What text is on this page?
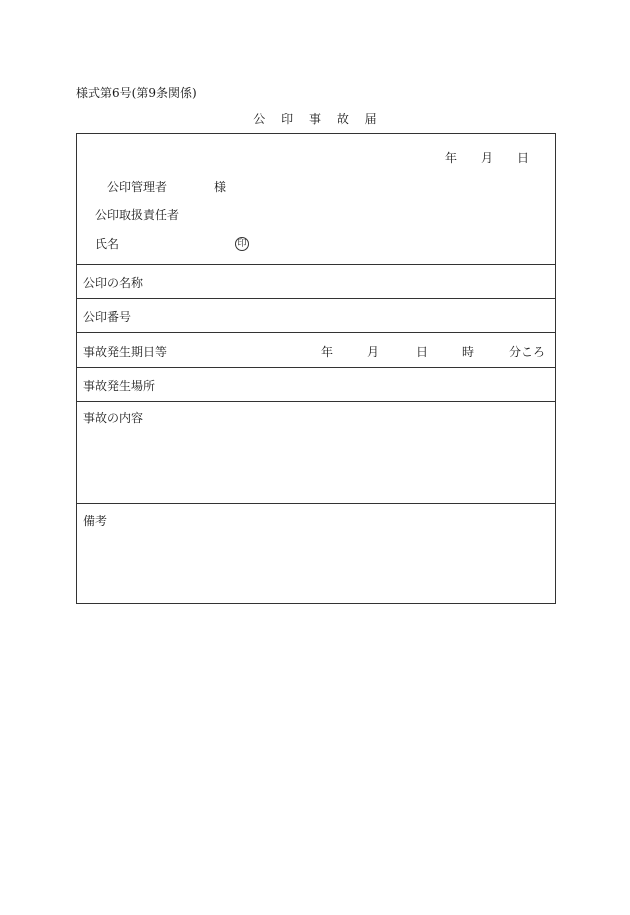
様式第6号(第9条関係)
公 印 事 故 届
年 月 日
公印管理者	様
公印取扱責任者
氏名	印
公印の名称
公印番号
事故発生期日等	年	月	日	時	分ころ
事故発生場所
事故の内容
備考
